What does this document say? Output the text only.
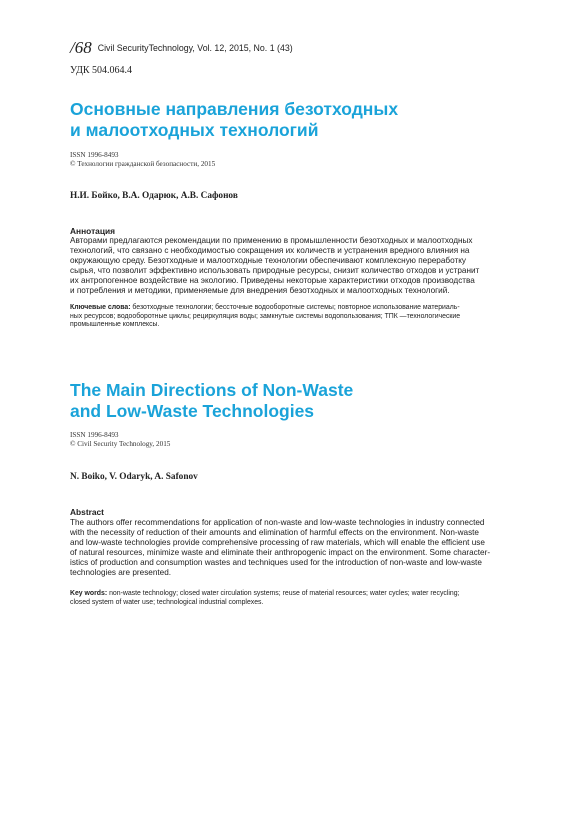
/68 Civil SecurityTechnology, Vol. 12, 2015, No. 1 (43)
УДК 504.064.4
Основные направления безотходных
и малоотходных технологий
ISSN 1996-8493
© Технологии гражданской безопасности, 2015
Н.И. Бойко, В.А. Одарюк, А.В. Сафонов
Аннотация
Авторами предлагаются рекомендации по применению в промышленности безотходных и малоотходных
технологий, что связано с необходимостью сокращения их количеств и устранения вредного влияния на
окружающую среду. Безотходные и малоотходные технологии обеспечивают комплексную переработку
сырья, что позволит эффективно использовать природные ресурсы, снизит количество отходов и устранит
их антропогенное воздействие на экологию. Приведены некоторые характеристики отходов производства
и потребления и методики, применяемые для внедрения безотходных и малоотходных технологий.
Ключевые слова: безотходные технологии; бессточные водооборотные системы; повторное использование материаль-
ных ресурсов; водооборотные циклы; рециркуляция воды; замкнутые системы водопользования; ТПК —технологические
промышленные комплексы.
The Main Directions of Non-Waste
and Low-Waste Technologies
ISSN 1996-8493
© Civil Security Technology, 2015
N. Boiko, V. Odaryk, A. Safonov
Abstract
The authors offer recommendations for application of non-waste and low-waste technologies in industry connected
with the necessity of reduction of their amounts and elimination of harmful effects on the environment. Non-waste
and low-waste technologies provide comprehensive processing of raw materials, which will enable the efficient use
of natural resources, minimize waste and eliminate their anthropogenic impact on the environment. Some character-
istics of production and consumption wastes and techniques used for the introduction of non-waste and low-waste
technologies are presented.
Key words: non-waste technology; closed water circulation systems; reuse of material resources; water cycles; water recycling;
closed system of water use; technological industrial complexes.
